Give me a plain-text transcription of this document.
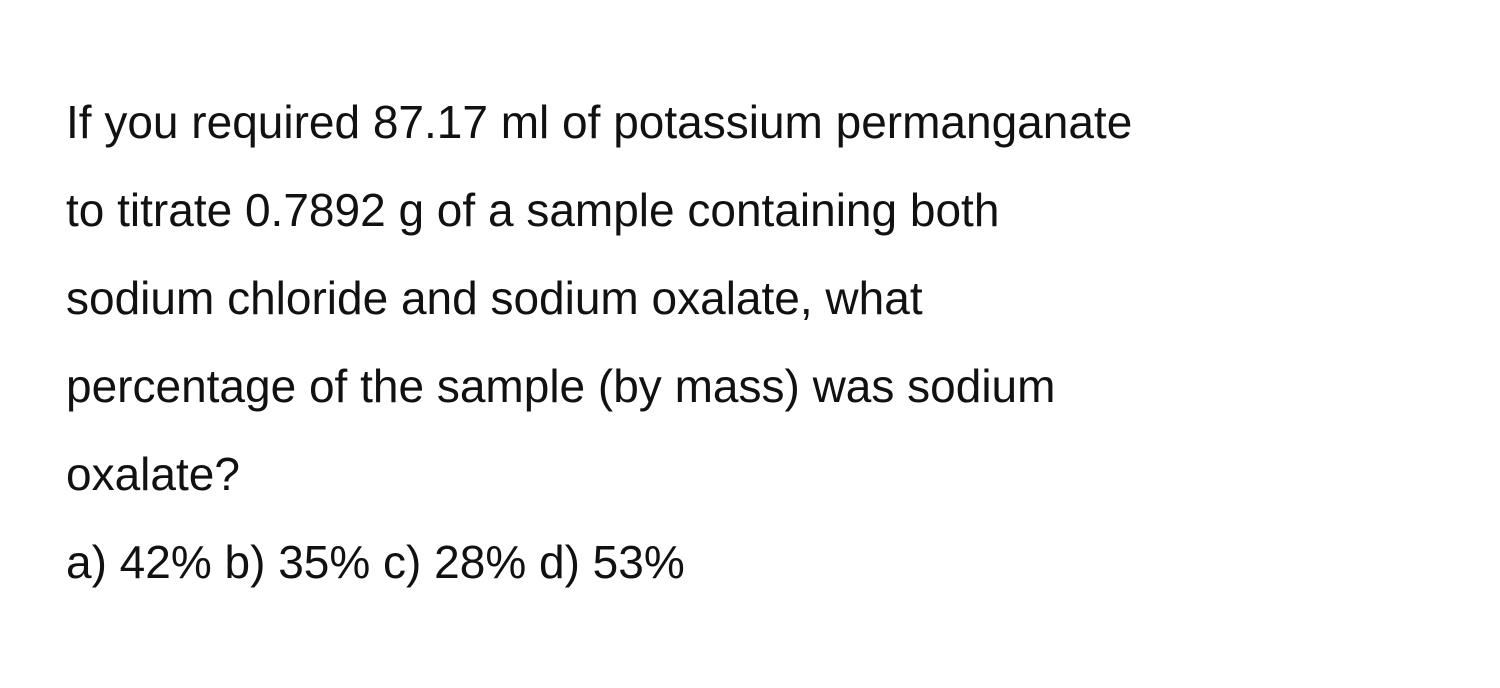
If you required 87.17 ml of potassium permanganate
to titrate 0.7892 g of a sample containing both
sodium chloride and sodium oxalate, what
percentage of the sample (by mass) was sodium
oxalate?
a) 42% b) 35% c) 28% d) 53%
